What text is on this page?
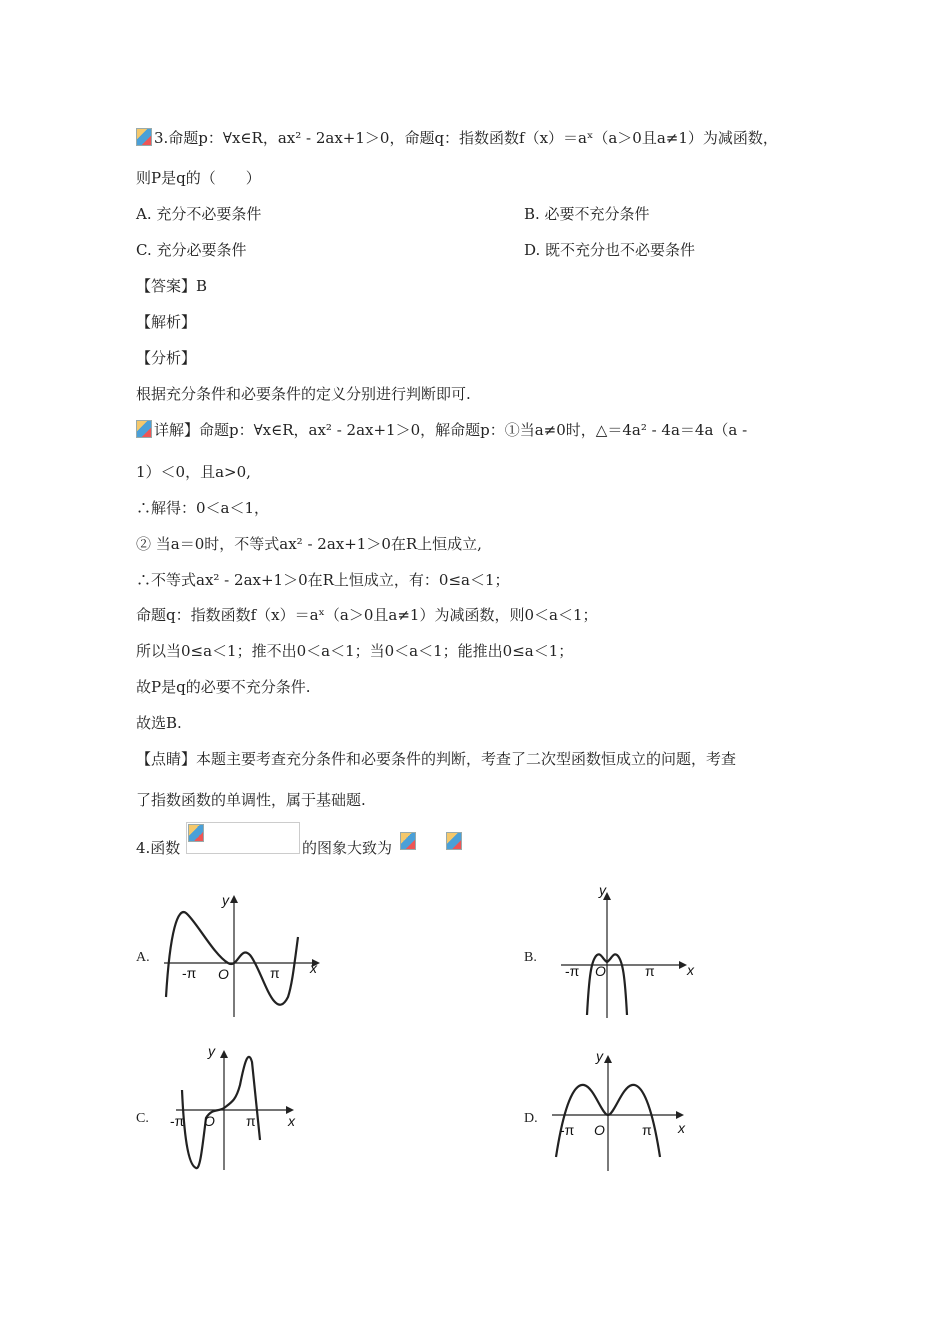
3.命题p：∀x∈R，ax² - 2ax+1＞0，命题q：指数函数f（x）＝aˣ（a＞0且a≠1）为减函数，
则P是q的（　　）
A. 充分不必要条件	B. 必要不充分条件
C. 充分必要条件	D. 既不充分也不必要条件
【答案】B
【解析】
【分析】
根据充分条件和必要条件的定义分别进行判断即可.
详解】命题p：∀x∈R，ax² - 2ax+1＞0，解命题p：①当a≠0时，△＝4a² - 4a＝4a（a -
1）＜0，且a>0,
∴解得：0＜a＜1，
② 当a＝0时，不等式ax² - 2ax+1＞0在R上恒成立,
∴不等式ax² - 2ax+1＞0在R上恒成立，有：0≤a＜1；
命题q：指数函数f（x）＝aˣ（a＞0且a≠1）为减函数，则0＜a＜1；
所以当0≤a＜1；推不出0＜a＜1；当0＜a＜1；能推出0≤a＜1；
故P是q的必要不充分条件.
故选B.
【点睛】本题主要考查充分条件和必要条件的判断，考查了二次型函数恒成立的问题，考查
了指数函数的单调性，属于基础题.
4.函数	的图象大致为
A.	B.
C.	D.
y
x
O
-π	π
y
x
O
-π	π
y
x
O
-π	π
y
x
O
-π	π
